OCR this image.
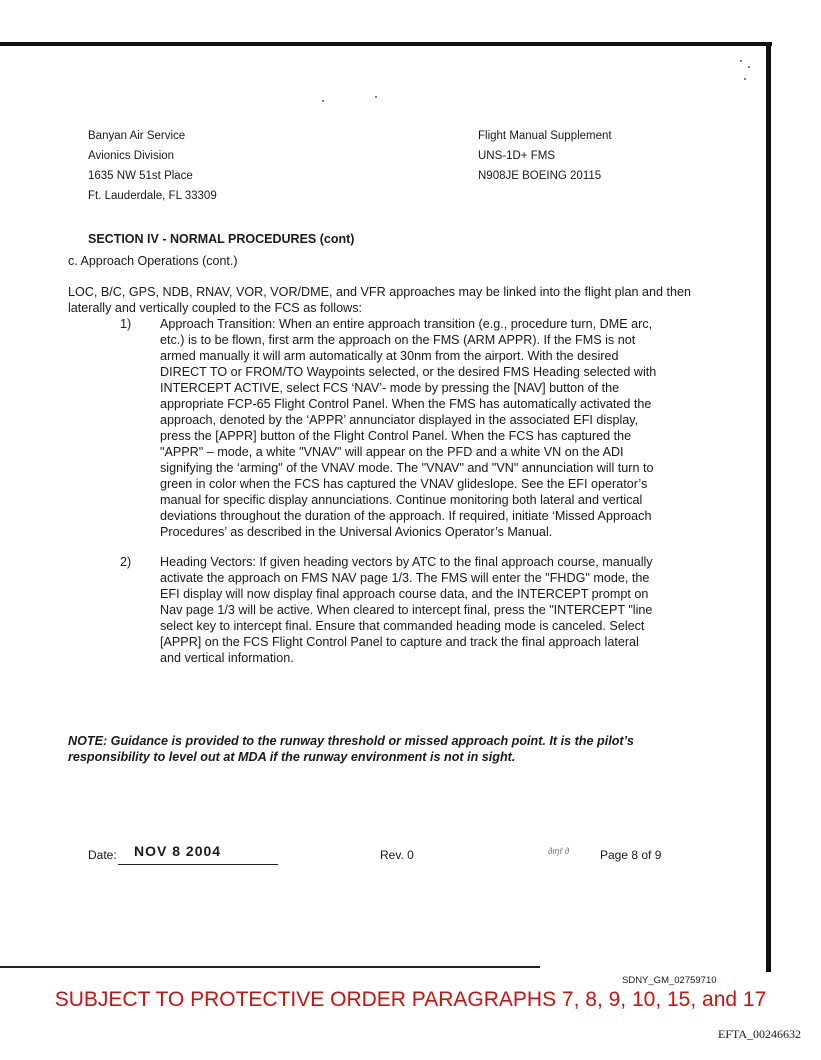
Banyan Air Service
Avionics Division
1635 NW 51st Place
Ft. Lauderdale, FL 33309
Flight Manual Supplement
UNS-1D+ FMS
N908JE BOEING 20115
SECTION IV - NORMAL PROCEDURES (cont)
c. Approach Operations (cont.)

LOC, B/C, GPS, NDB, RNAV, VOR, VOR/DME, and VFR approaches may be linked into the flight plan and then laterally and vertically coupled to the FCS as follows:

1)	Approach Transition: When an entire approach transition (e.g., procedure turn, DME arc, etc.) is to be flown, first arm the approach on the FMS (ARM APPR). If the FMS is not armed manually it will arm automatically at 30nm from the airport. With the desired DIRECT TO or FROM/TO Waypoints selected, or the desired FMS Heading selected with INTERCEPT ACTIVE, select FCS ‘NAV’- mode by pressing the [NAV] button of the appropriate FCP-65 Flight Control Panel. When the FMS has automatically activated the approach, denoted by the ‘APPR’ annunciator displayed in the associated EFI display, press the [APPR] button of the Flight Control Panel. When the FCS has captured the "APPR" – mode, a white "VNAV" will appear on the PFD and a white VN on the ADI signifying the ‘arming" of the VNAV mode. The "VNAV" and "VN" annunciation will turn to green in color when the FCS has captured the VNAV glideslope. See the EFI operator’s manual for specific display annunciations. Continue monitoring both lateral and vertical deviations throughout the duration of the approach. If required, initiate ‘Missed Approach Procedures’ as described in the Universal Avionics Operator’s Manual.
2)	Heading Vectors: If given heading vectors by ATC to the final approach course, manually activate the approach on FMS NAV page 1/3. The FMS will enter the "FHDG" mode, the EFI display will now display final approach course data, and the INTERCEPT prompt on Nav page 1/3 will be active. When cleared to intercept final, press the "INTERCEPT "line select key to intercept final. Ensure that commanded heading mode is canceled. Select [APPR] on the FCS Flight Control Panel to capture and track the final approach lateral and vertical information.
NOTE: Guidance is provided to the runway threshold or missed approach point. It is the pilot’s responsibility to level out at MDA if the runway environment is not in sight.
Date: NOV 8 2004	Rev. 0	∂ιηℓ ∂	Page 8 of 9
SDNY_GM_02759710
SUBJECT TO PROTECTIVE ORDER PARAGRAPHS 7, 8, 9, 10, 15, and 17
EFTA_00246632
